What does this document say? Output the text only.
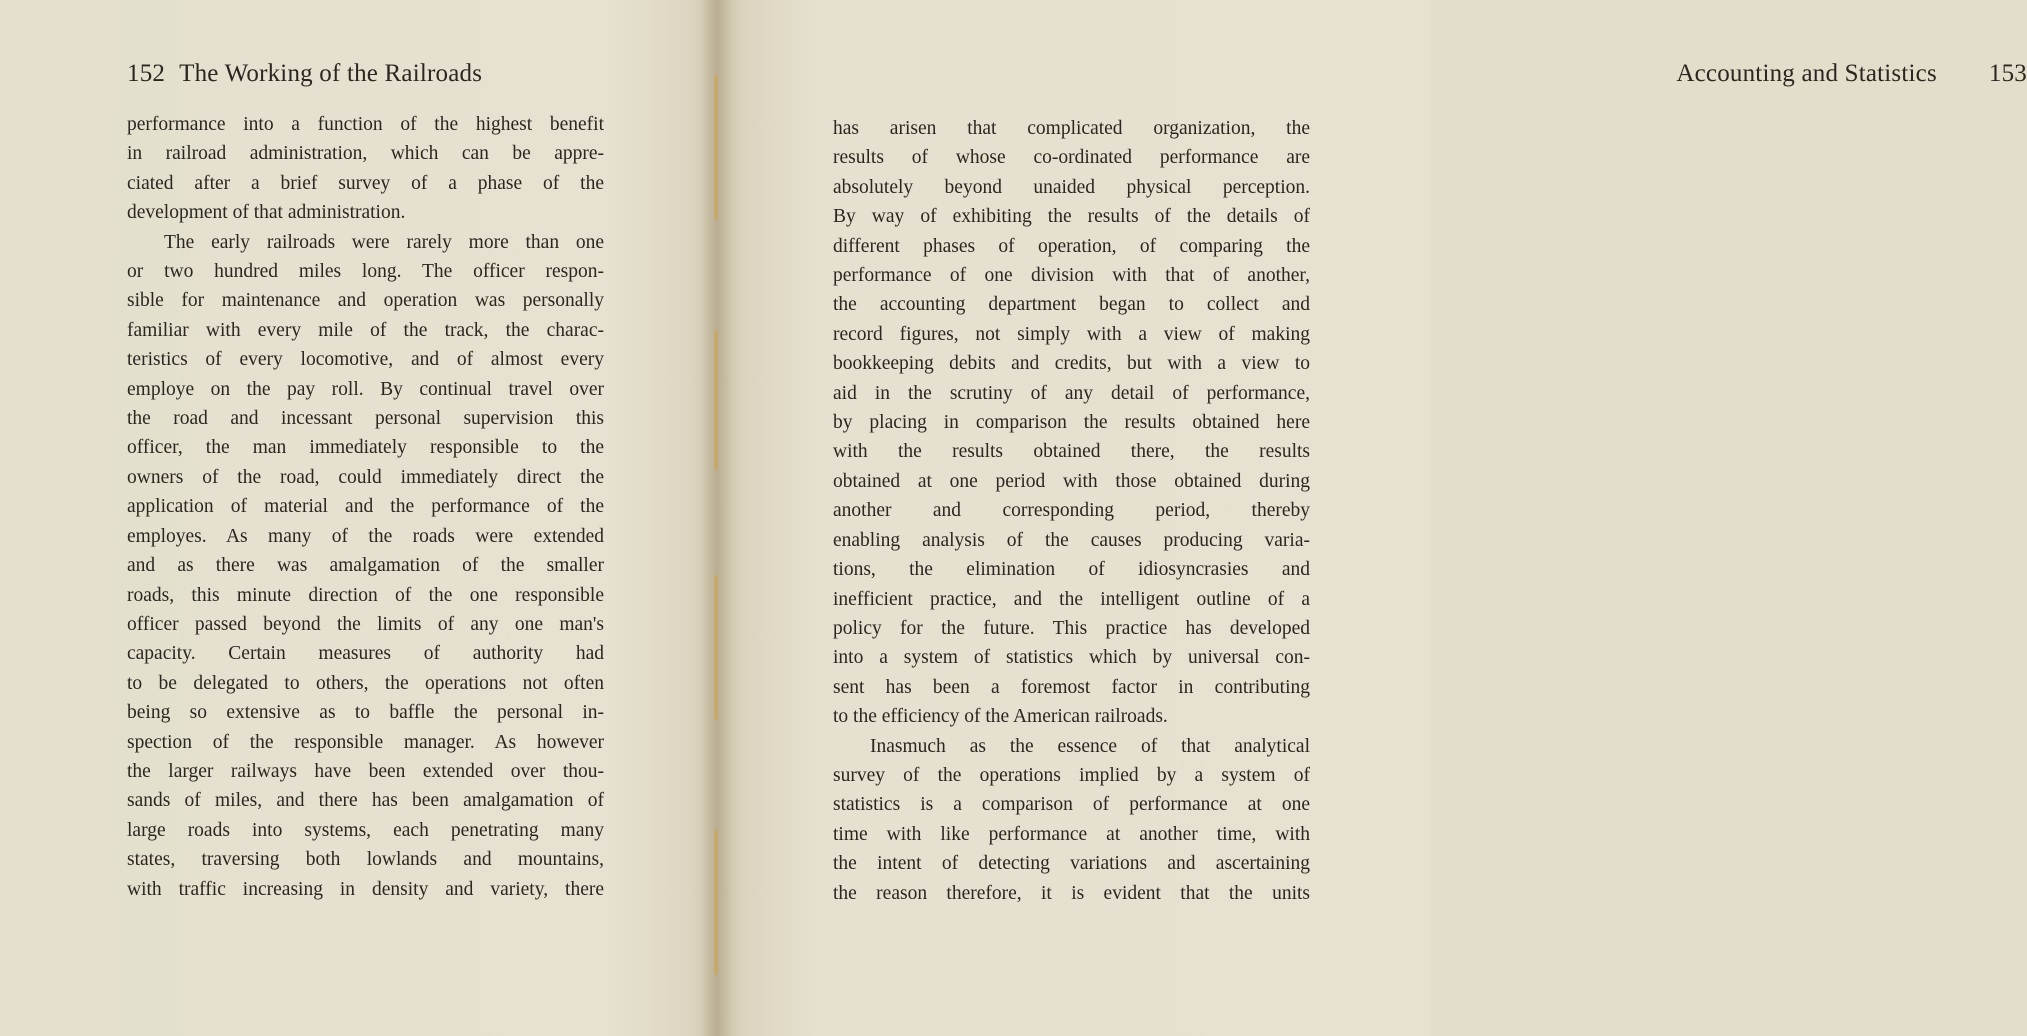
152 The Working of the Railroads
performance into a function of the highest benefit
in railroad administration, which can be appre-
ciated after a brief survey of a phase of the
development of that administration.
The early railroads were rarely more than one
or two hundred miles long. The officer respon-
sible for maintenance and operation was personally
familiar with every mile of the track, the charac-
teristics of every locomotive, and of almost every
employe on the pay roll. By continual travel over
the road and incessant personal supervision this
officer, the man immediately responsible to the
owners of the road, could immediately direct the
application of material and the performance of the
employes. As many of the roads were extended
and as there was amalgamation of the smaller
roads, this minute direction of the one responsible
officer passed beyond the limits of any one man's
capacity. Certain measures of authority had
to be delegated to others, the operations not often
being so extensive as to baffle the personal in-
spection of the responsible manager. As however
the larger railways have been extended over thou-
sands of miles, and there has been amalgamation of
large roads into systems, each penetrating many
states, traversing both lowlands and mountains,
with traffic increasing in density and variety, there
Accounting and Statistics 153
has arisen that complicated organization, the
results of whose co-ordinated performance are
absolutely beyond unaided physical perception.
By way of exhibiting the results of the details of
different phases of operation, of comparing the
performance of one division with that of another,
the accounting department began to collect and
record figures, not simply with a view of making
bookkeeping debits and credits, but with a view to
aid in the scrutiny of any detail of performance,
by placing in comparison the results obtained here
with the results obtained there, the results
obtained at one period with those obtained during
another and corresponding period, thereby
enabling analysis of the causes producing varia-
tions, the elimination of idiosyncrasies and
inefficient practice, and the intelligent outline of a
policy for the future. This practice has developed
into a system of statistics which by universal con-
sent has been a foremost factor in contributing
to the efficiency of the American railroads.
Inasmuch as the essence of that analytical
survey of the operations implied by a system of
statistics is a comparison of performance at one
time with like performance at another time, with
the intent of detecting variations and ascertaining
the reason therefore, it is evident that the units
